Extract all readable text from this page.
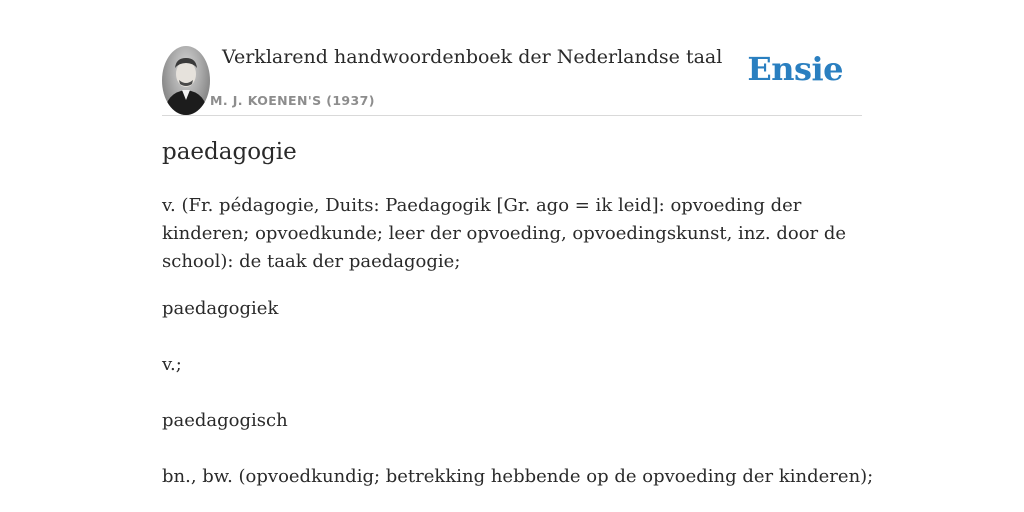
Verklarend handwoordenboek der Nederlandse taal
M. J. KOENEN'S (1937)
Ensie
paedagogie

v. (Fr. pédagogie, Duits: Paedagogik [Gr. ago = ik leid]: opvoeding der kinderen; opvoedkunde; leer der opvoeding, opvoedingskunst, inz. door de school): de taak der paedagogie;

paedagogiek

v.;

paedagogisch

bn., bw. (opvoedkundig; betrekking hebbende op de opvoeding der kinderen);
